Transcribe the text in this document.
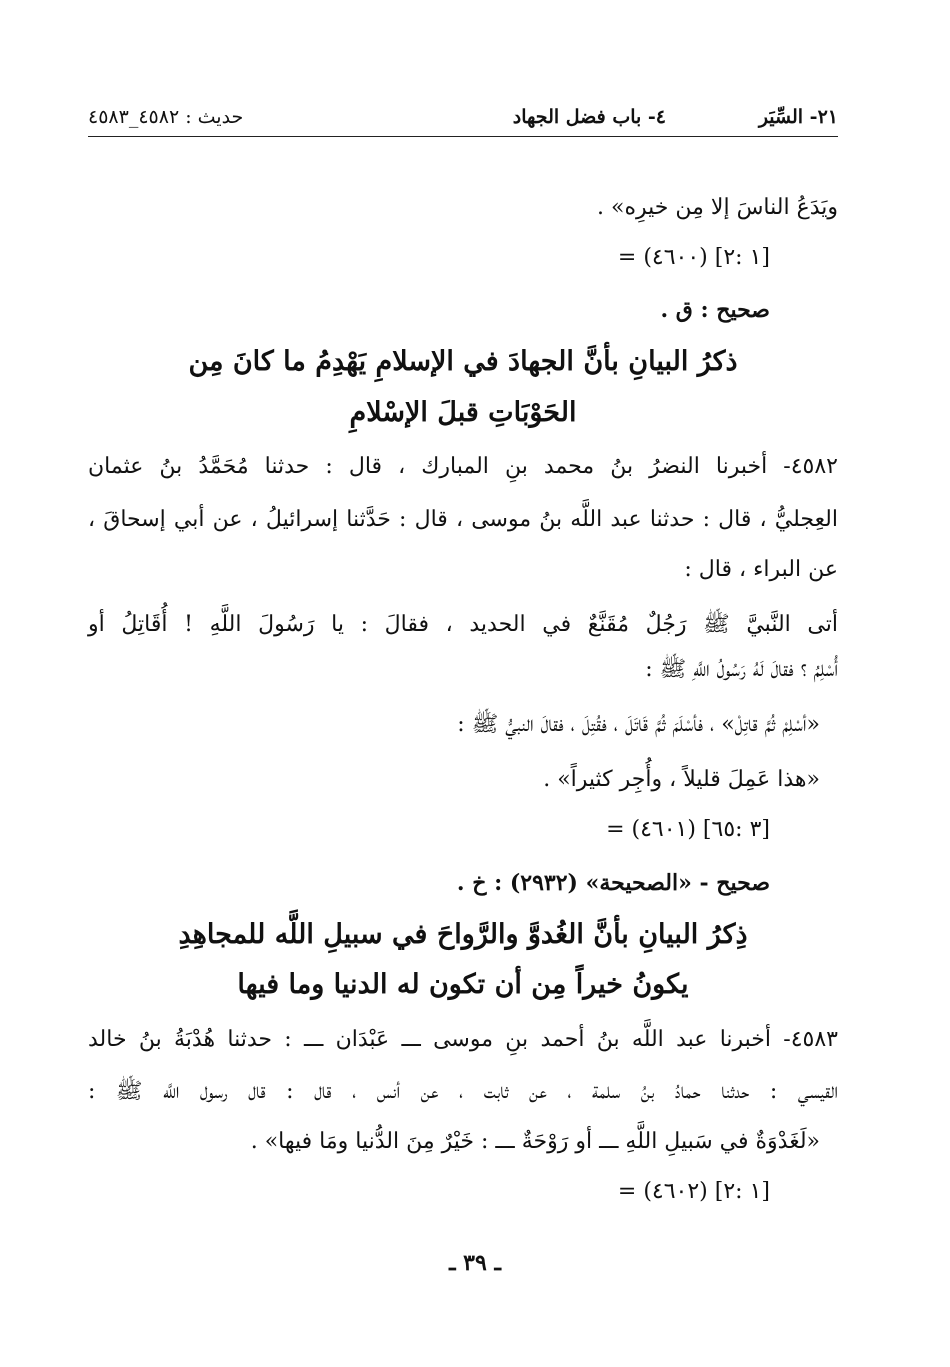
٢١- السِّيَر
٤- باب فضل الجهاد
حديث : ٤٥٨٢_٤٥٨٣
ويَدَعُ الناسَ إلا مِن خيرِه» .
= (٤٦٠٠) [١ :٢]
صحيح : ق .
ذكرُ البيانِ بأنَّ الجهادَ في الإسلامِ يَهْدِمُ ما كانَ مِن
الحَوْبَاتِ قبلَ الإسْلامِ
٤٥٨٢- أخبرنا النضرُ بنُ محمد بنِ المبارك ، قال : حدثنا مُحَمَّدُ بنُ عثمان
العِجليُّ ، قال : حدثنا عبد اللَّه بنُ موسى ، قال : حَدَّثنا إسرائيلُ ، عن أبي إسحاقَ ،
عن البراء ، قال :
أتى النَّبيَّ ﷺ رَجُلٌ مُقَنَّعٌ في الحديد ، فقالَ : يا رَسُولَ اللَّهِ ! أُقَاتِلُ أو
أُسْلِمُ ؟ فقالَ لَهُ رَسُولُ اللَّهِ ﷺ :
«أسْلِمْ ثُمَّ قاتِلْ» ، فأسْلَمَ ثُمَّ قَاتَلَ ، فقُتِلَ ، فقالَ النبيُّ ﷺ :
«هذا عَمِلَ قليلاً ، وأُجِر كثيراً» .
= (٤٦٠١) [٣ :٦٥]
صحيح - «الصحيحة» (٢٩٣٢) : خ .
ذِكرُ البيانِ بأنَّ الغُدوَّ والرَّواحَ في سبيلِ اللَّه للمجاهِدِ
يكونُ خيراً مِن أن تكون له الدنيا وما فيها
٤٥٨٣- أخبرنا عبد اللَّه بنُ أحمد بنِ موسى ـــ عَبْدَان ـــ : حدثنا هُدْبَةُ بنُ خالد
القيسي : حدثنا حمادُ بنُ سلمة ، عن ثابت ، عن أنس ، قال : قال رسول اللَّه ﷺ :
«لَغَدْوَةٌ في سَبيلِ اللَّهِ ـــ أو رَوْحَةٌ ـــ : خَيْرٌ مِنَ الدُّنيا ومَا فيها» .
= (٤٦٠٢) [١ :٢]
ـ ٣٩ ـ
